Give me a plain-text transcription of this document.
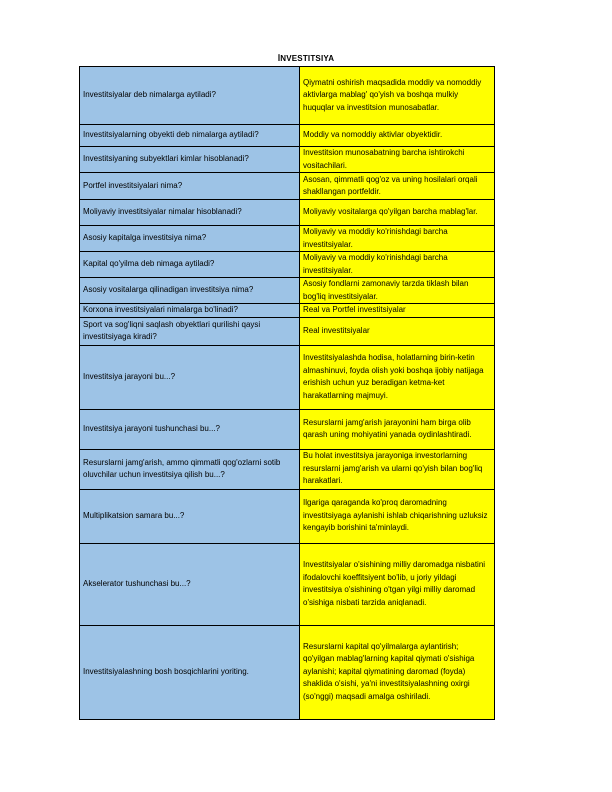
İNVESTITSIYA
Investitsiyalar deb nimalarga aytiladi?	Qiymatni oshirish maqsadida moddiy va nomoddiy aktivlarga mablag' qo'yish va boshqa mulkiy huquqlar va investitsion munosabatlar.
Investitsiyalarning obyekti deb nimalarga aytiladi?	Moddiy va nomoddiy aktivlar obyektidir.
Investitsiyaning subyektlari kimlar hisoblanadi?	Investitsion munosabatning barcha ishtirokchi vositachilari.
Portfel investitsiyalari nima?	Asosan, qimmatli qog'oz va uning hosilalari orqali shakllangan portfeldir.
Moliyaviy investitsiyalar nimalar hisoblanadi?	Moliyaviy vositalarga qo'yilgan barcha mablag'lar.
Asosiy kapitalga investitsiya nima?	Moliyaviy va moddiy ko'rinishdagi barcha investitsiyalar.
Kapital qo'yilma deb nimaga aytiladi?	Moliyaviy va moddiy ko'rinishdagi barcha investitsiyalar.
Asosiy vositalarga qilinadigan investitsiya nima?	Asosiy fondlarni zamonaviy tarzda tiklash bilan bog'liq investitsiyalar.
Korxona investitsiyalari nimalarga bo'linadi?	Real va Portfel investitsiyalar
Sport va sog'liqni saqlash obyektlari qurilishi qaysi investitsiyaga kiradi?	Real investitsiyalar
Investitsiya jarayoni bu...?	Investitsiyalashda hodisa, holatlarning birin-ketin almashinuvi, foyda olish yoki boshqa ijobiy natijaga erishish uchun yuz beradigan ketma-ket harakatlarning majmuyi.
Investitsiya jarayoni tushunchasi bu...?	Resurslarni jamg'arish jarayonini ham birga olib qarash uning mohiyatini yanada oydinlashtiradi.
Resurslarni jamg'arish, ammo qimmatli qog'ozlarni sotib oluvchilar uchun investitsiya qilish bu...?	Bu holat investitsiya jarayoniga investorlarning resurslarni jamg'arish va ularni qo'yish bilan bog'liq harakatlari.
Multiplikatsion samara bu...?	Ilgariga qaraganda ko'proq daromadning investitsiyaga aylanishi ishlab chiqarishning uzluksiz kengayib borishini ta'minlaydi.
Akselerator tushunchasi bu...?	Investitsiyalar o'sishining milliy daromadga nisbatini ifodalovchi koeffitsiyent bo'lib, u joriy yildagi investitsiya o'sishining o'tgan yilgi milliy daromad o'sishiga nisbati tarzida aniqlanadi.
Investitsiyalashning bosh bosqichlarini yoriting.	Resurslarni kapital qo'yilmalarga aylantirish; qo'yilgan mablag'larning kapital qiymati o'sishiga aylanishi; kapital qiymatining daromad (foyda) shaklida o'sishi, ya'ni investitsiyalashning oxirgi (so'nggi) maqsadi amalga oshiriladi.
